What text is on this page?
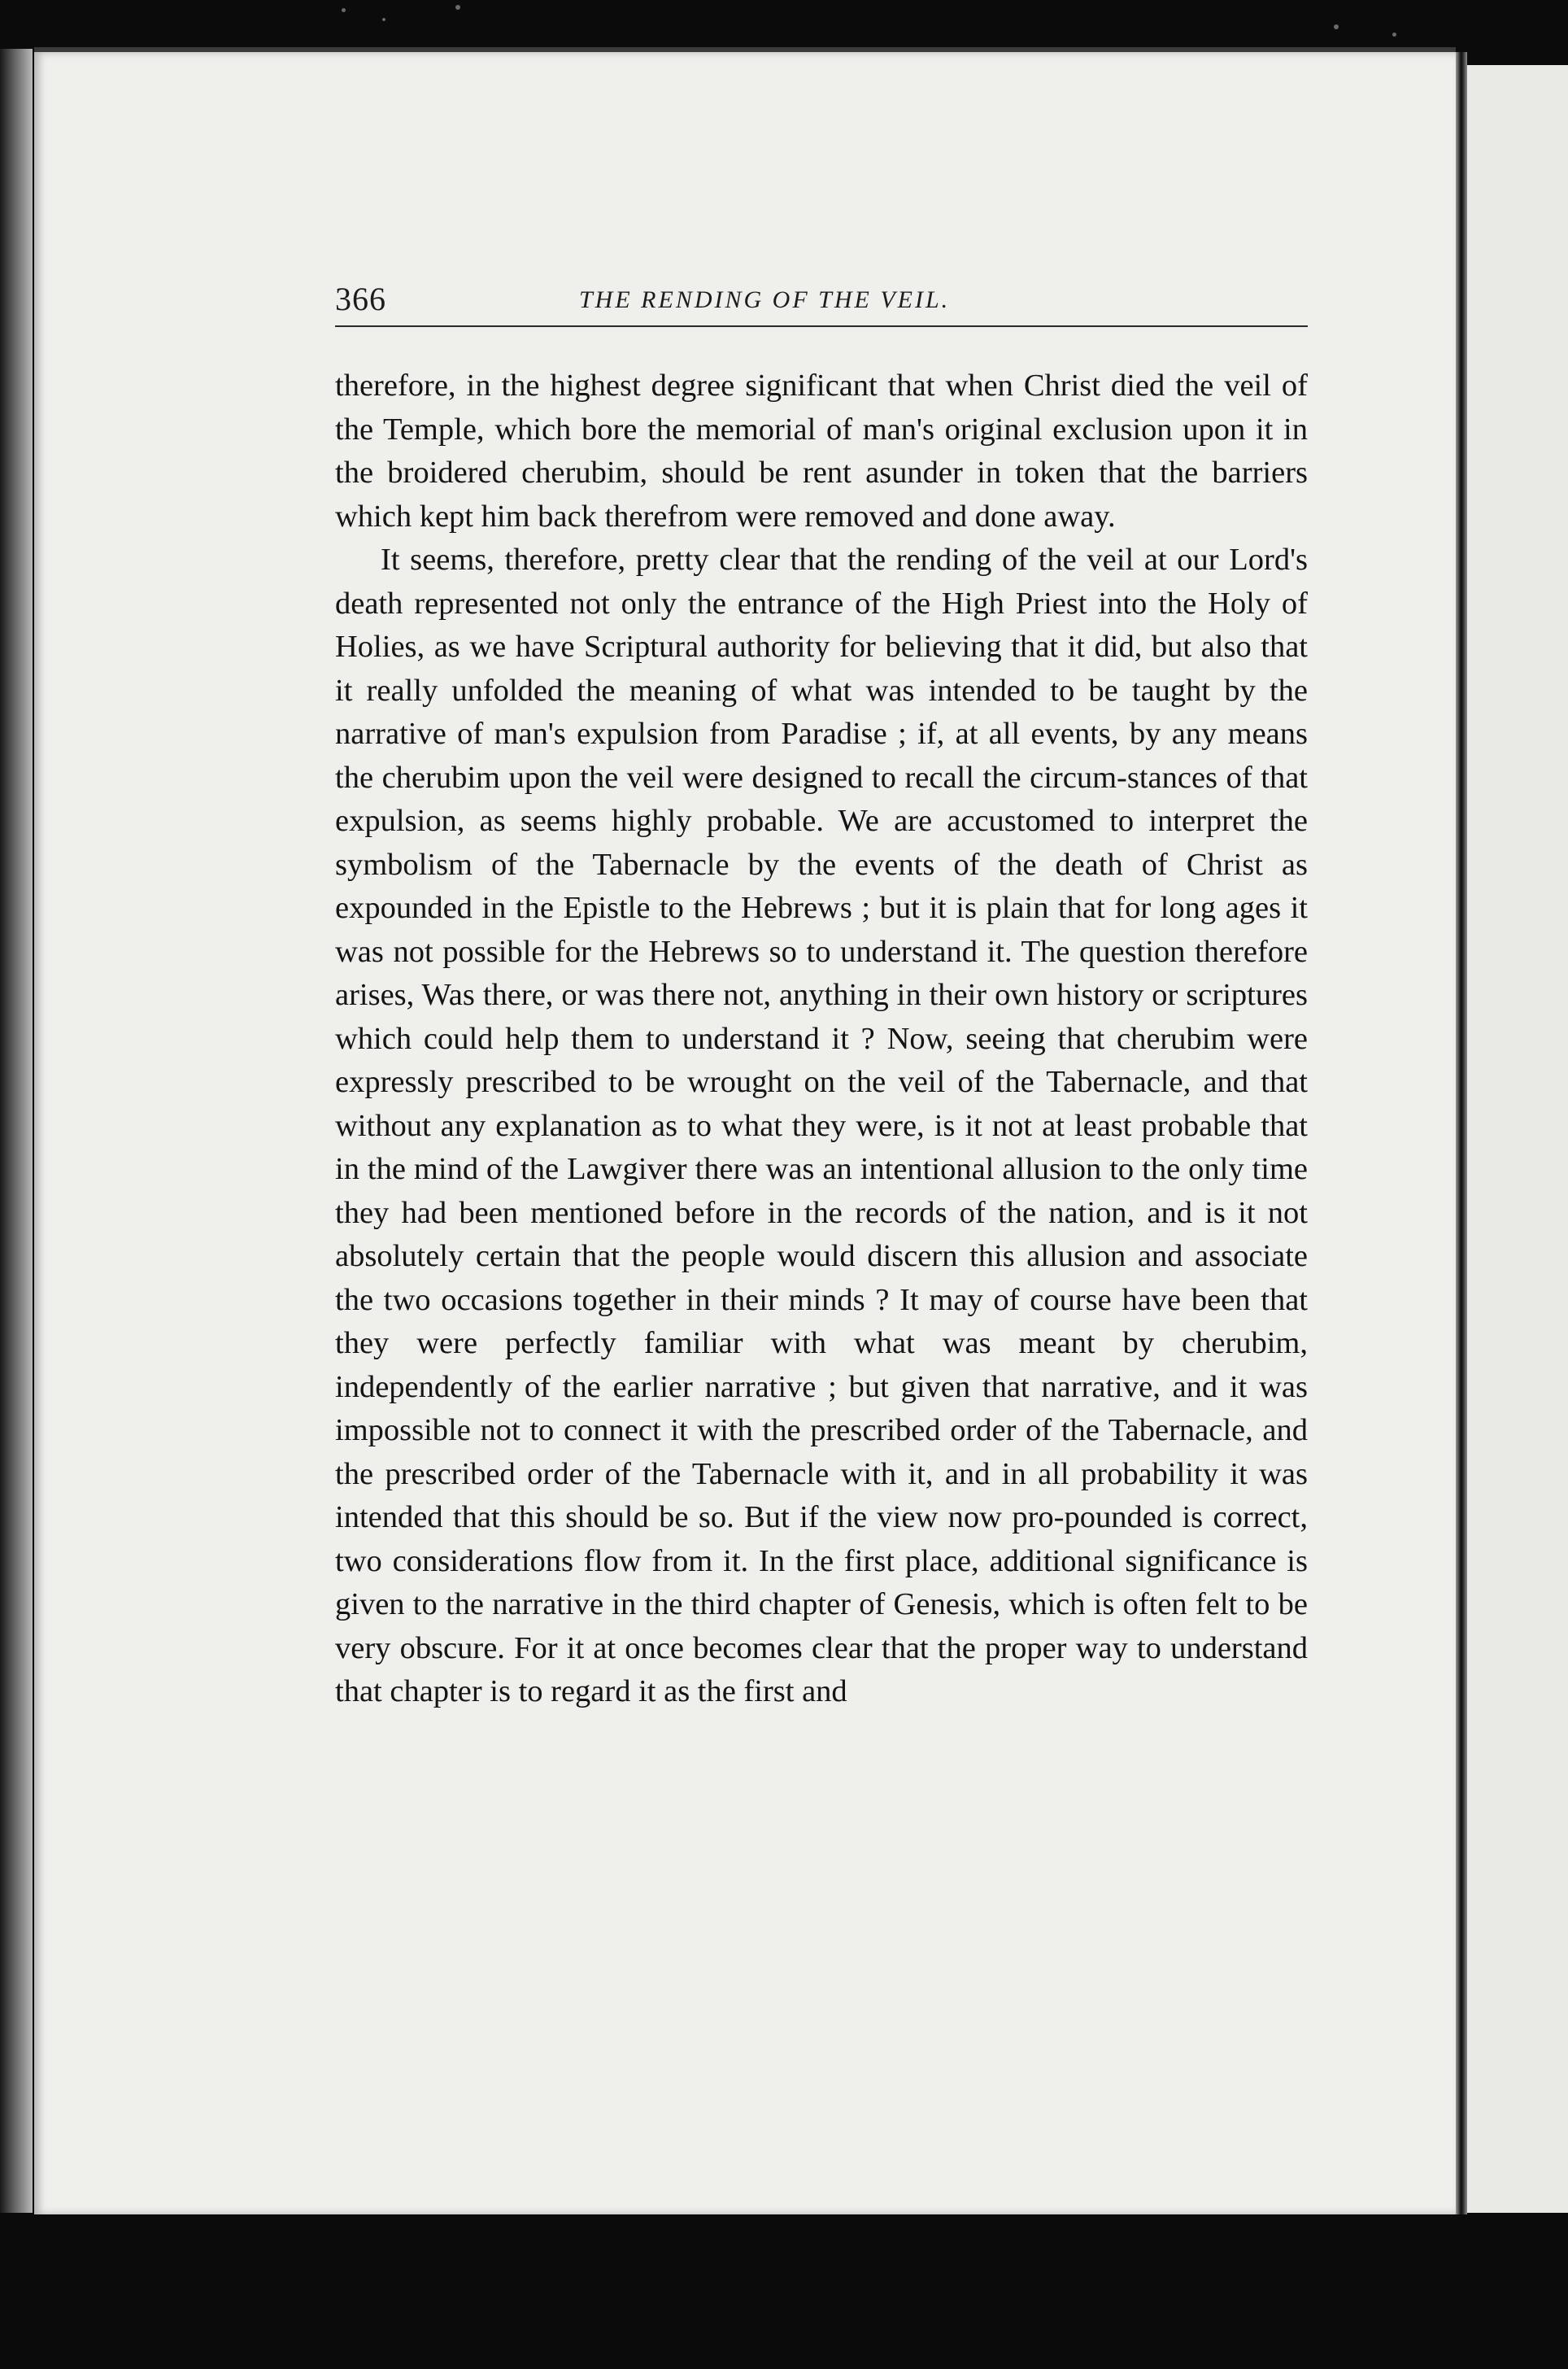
366	THE RENDING OF THE VEIL.

therefore, in the highest degree significant that when Christ died the veil of the Temple, which bore the memorial of man's original exclusion upon it in the broidered cherubim, should be rent asunder in token that the barriers which kept him back therefrom were removed and done away.

It seems, therefore, pretty clear that the rending of the veil at our Lord's death represented not only the entrance of the High Priest into the Holy of Holies, as we have Scriptural authority for believing that it did, but also that it really unfolded the meaning of what was intended to be taught by the narrative of man's expulsion from Paradise ; if, at all events, by any means the cherubim upon the veil were designed to recall the circum-stances of that expulsion, as seems highly probable. We are accustomed to interpret the symbolism of the Tabernacle by the events of the death of Christ as expounded in the Epistle to the Hebrews ; but it is plain that for long ages it was not possible for the Hebrews so to understand it. The question therefore arises, Was there, or was there not, anything in their own history or scriptures which could help them to understand it ? Now, seeing that cherubim were expressly prescribed to be wrought on the veil of the Tabernacle, and that without any explanation as to what they were, is it not at least probable that in the mind of the Lawgiver there was an intentional allusion to the only time they had been mentioned before in the records of the nation, and is it not absolutely certain that the people would discern this allusion and associate the two occasions together in their minds ? It may of course have been that they were perfectly familiar with what was meant by cherubim, independently of the earlier narrative ; but given that narrative, and it was impossible not to connect it with the prescribed order of the Tabernacle, and the prescribed order of the Tabernacle with it, and in all probability it was intended that this should be so. But if the view now pro-pounded is correct, two considerations flow from it. In the first place, additional significance is given to the narrative in the third chapter of Genesis, which is often felt to be very obscure. For it at once becomes clear that the proper way to understand that chapter is to regard it as the first and
